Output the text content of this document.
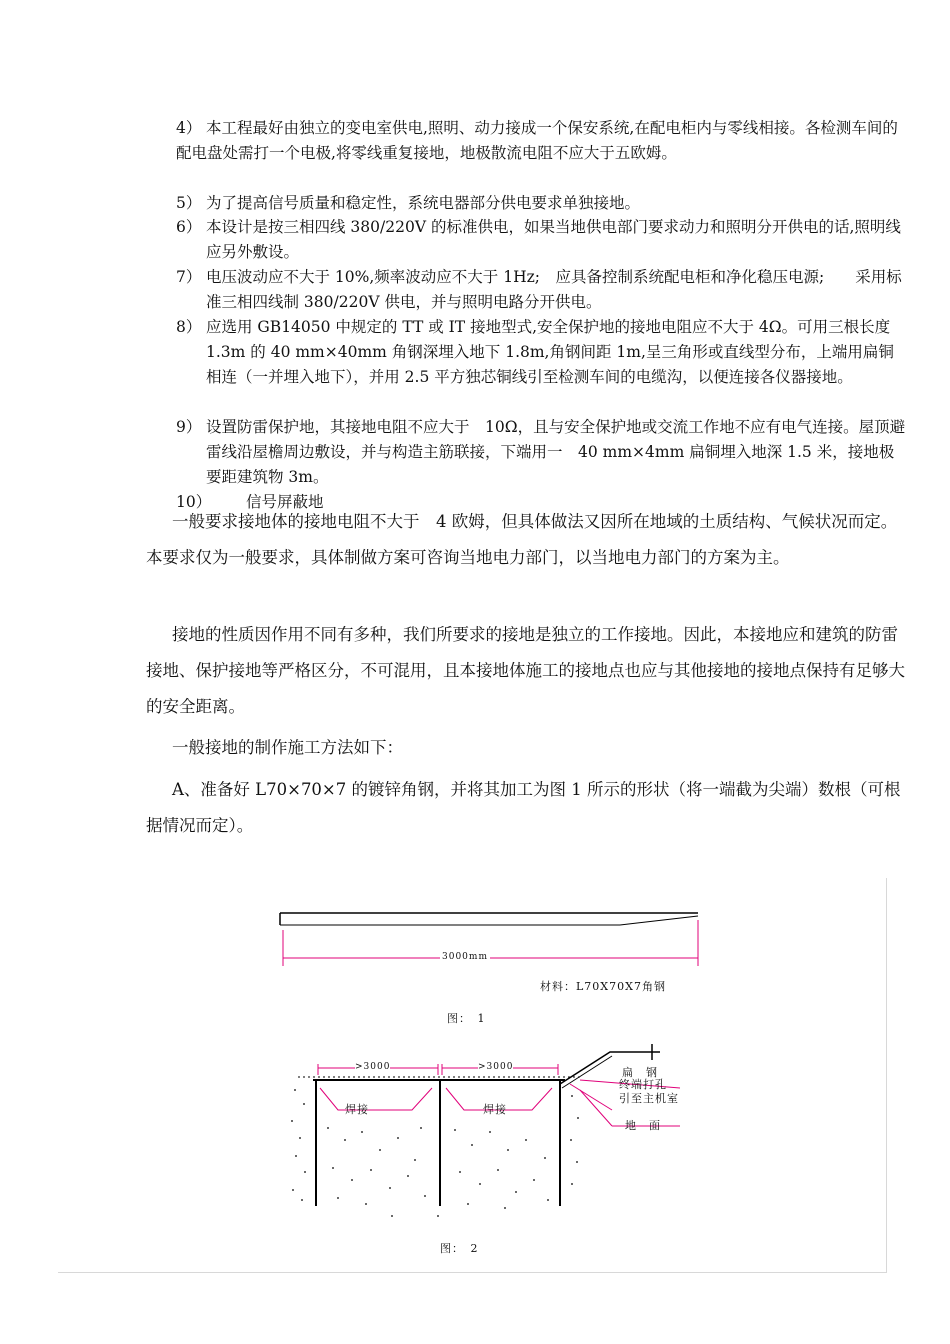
4） 本工程最好由独立的变电室供电,照明、动力接成一个保安系统,在配电柜内与零线相接。各检测车间的配电盘处需打一个电极,将零线重复接地，地极散流电阻不应大于五欧姆。
5） 为了提高信号质量和稳定性，系统电器部分供电要求单独接地。
6） 本设计是按三相四线 380/220V 的标准供电，如果当地供电部门要求动力和照明分开供电的话,照明线应另外敷设。
7） 电压波动应不大于 10%,频率波动应不大于 1Hz;　应具备控制系统配电柜和净化稳压电源;　　采用标准三相四线制 380/220V 供电，并与照明电路分开供电。
8） 应选用 GB14050 中规定的 TT 或 IT 接地型式,安全保护地的接地电阻应不大于 4Ω。可用三根长度 1.3m 的 40 mm×40mm 角钢深埋入地下 1.8m,角钢间距 1m,呈三角形或直线型分布，上端用扁铜相连（一并埋入地下），并用 2.5 平方独芯铜线引至检测车间的电缆沟，以便连接各仪器接地。
9） 设置防雷保护地，其接地电阻不应大于　10Ω，且与安全保护地或交流工作地不应有电气连接。屋顶避雷线沿屋檐周边敷设，并与构造主筋联接，下端用一　40 mm×4mm 扁铜埋入地深 1.5 米，接地极要距建筑物 3m。
10）	信号屏蔽地

一般要求接地体的接地电阻不大于　4 欧姆，但具体做法又因所在地域的土质结构、气候状况而定。本要求仅为一般要求，具体制做方案可咨询当地电力部门，以当地电力部门的方案为主。

接地的性质因作用不同有多种，我们所要求的接地是独立的工作接地。因此，本接地应和建筑的防雷接地、保护接地等严格区分，不可混用，且本接地体施工的接地点也应与其他接地的接地点保持有足够大的安全距离。

一般接地的制作施工方法如下：

A、准备好 L70×70×7 的镀锌角钢，并将其加工为图 1 所示的形状（将一端截为尖端）数根（可根据情况而定）。

3000mm
材料：L70X70X7角钢
图：　1
>3000	>3000
焊接	焊接
扁　钢
终端打孔
引至主机室
地　面
图：　2
